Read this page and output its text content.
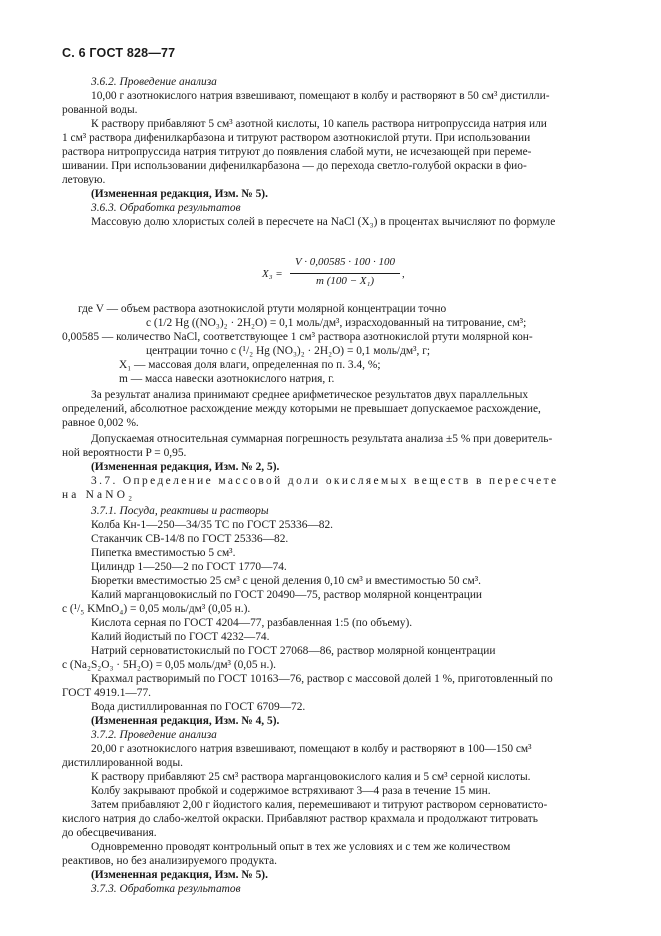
С. 6 ГОСТ 828—77
3.6.2. Проведение анализа
10,00 г азотнокислого натрия взвешивают, помещают в колбу и растворяют в 50 см³ дистилли-
рованной воды.
К раствору прибавляют 5 см³ азотной кислоты, 10 капель раствора нитропруссида натрия или
1 см³ раствора дифенилкарбазона и титруют раствором азотнокислой ртути. При использовании
раствора нитропруссида натрия титруют до появления слабой мути, не исчезающей при переме-
шивании. При использовании дифенилкарбазона — до перехода светло-голубой окраски в фио-
летовую.
(Измененная редакция, Изм. № 5).
3.6.3. Обработка результатов
Массовую долю хлористых солей в пересчете на NaCl (X₃) в процентах вычисляют по формуле
X₃ =
V · 0,00585 · 100 · 100
m (100 − X₁)
,
где V — объем раствора азотнокислой ртути молярной концентрации точно
c (1/2 Hg ((NO₃)₂ · 2H₂O) = 0,1 моль/дм³, израсходованный на титрование, см³;
0,00585 — количество NaCl, соответствующее 1 см³ раствора азотнокислой ртути молярной кон-
центрации точно c (¹/₂ Hg (NO₃)₂ · 2H₂O) = 0,1 моль/дм³, г;
X₁ — массовая доля влаги, определенная по п. 3.4, %;
m — масса навески азотнокислого натрия, г.
За результат анализа принимают среднее арифметическое результатов двух параллельных
определений, абсолютное расхождение между которыми не превышает допускаемое расхождение,
равное 0,002 %.
Допускаемая относительная суммарная погрешность результата анализа ±5 % при доверитель-
ной вероятности P = 0,95.
(Измененная редакция, Изм. № 2, 5).
3.7. Определение массовой доли окисляемых веществ в пересчете
на NaNO₂
3.7.1. Посуда, реактивы и растворы
Колба Кн-1—250—34/35 ТС по ГОСТ 25336—82.
Стаканчик СВ-14/8 по ГОСТ 25336—82.
Пипетка вместимостью 5 см³.
Цилиндр 1—250—2 по ГОСТ 1770—74.
Бюретки вместимостью 25 см³ с ценой деления 0,10 см³ и вместимостью 50 см³.
Калий марганцовокислый по ГОСТ 20490—75, раствор молярной концентрации
c (¹/₅ KMnO₄) = 0,05 моль/дм³ (0,05 н.).
Кислота серная по ГОСТ 4204—77, разбавленная 1:5 (по объему).
Калий йодистый по ГОСТ 4232—74.
Натрий серноватистокислый по ГОСТ 27068—86, раствор молярной концентрации
c (Na₂S₂O₃ · 5H₂O) = 0,05 моль/дм³ (0,05 н.).
Крахмал растворимый по ГОСТ 10163—76, раствор с массовой долей 1 %, приготовленный по
ГОСТ 4919.1—77.
Вода дистиллированная по ГОСТ 6709—72.
(Измененная редакция, Изм. № 4, 5).
3.7.2. Проведение анализа
20,00 г азотнокислого натрия взвешивают, помещают в колбу и растворяют в 100—150 см³
дистиллированной воды.
К раствору прибавляют 25 см³ раствора марганцовокислого калия и 5 см³ серной кислоты.
Колбу закрывают пробкой и содержимое встряхивают 3—4 раза в течение 15 мин.
Затем прибавляют 2,00 г йодистого калия, перемешивают и титруют раствором серноватисто-
кислого натрия до слабо-желтой окраски. Прибавляют раствор крахмала и продолжают титровать
до обесцвечивания.
Одновременно проводят контрольный опыт в тех же условиях и с тем же количеством
реактивов, но без анализируемого продукта.
(Измененная редакция, Изм. № 5).
3.7.3. Обработка результатов
